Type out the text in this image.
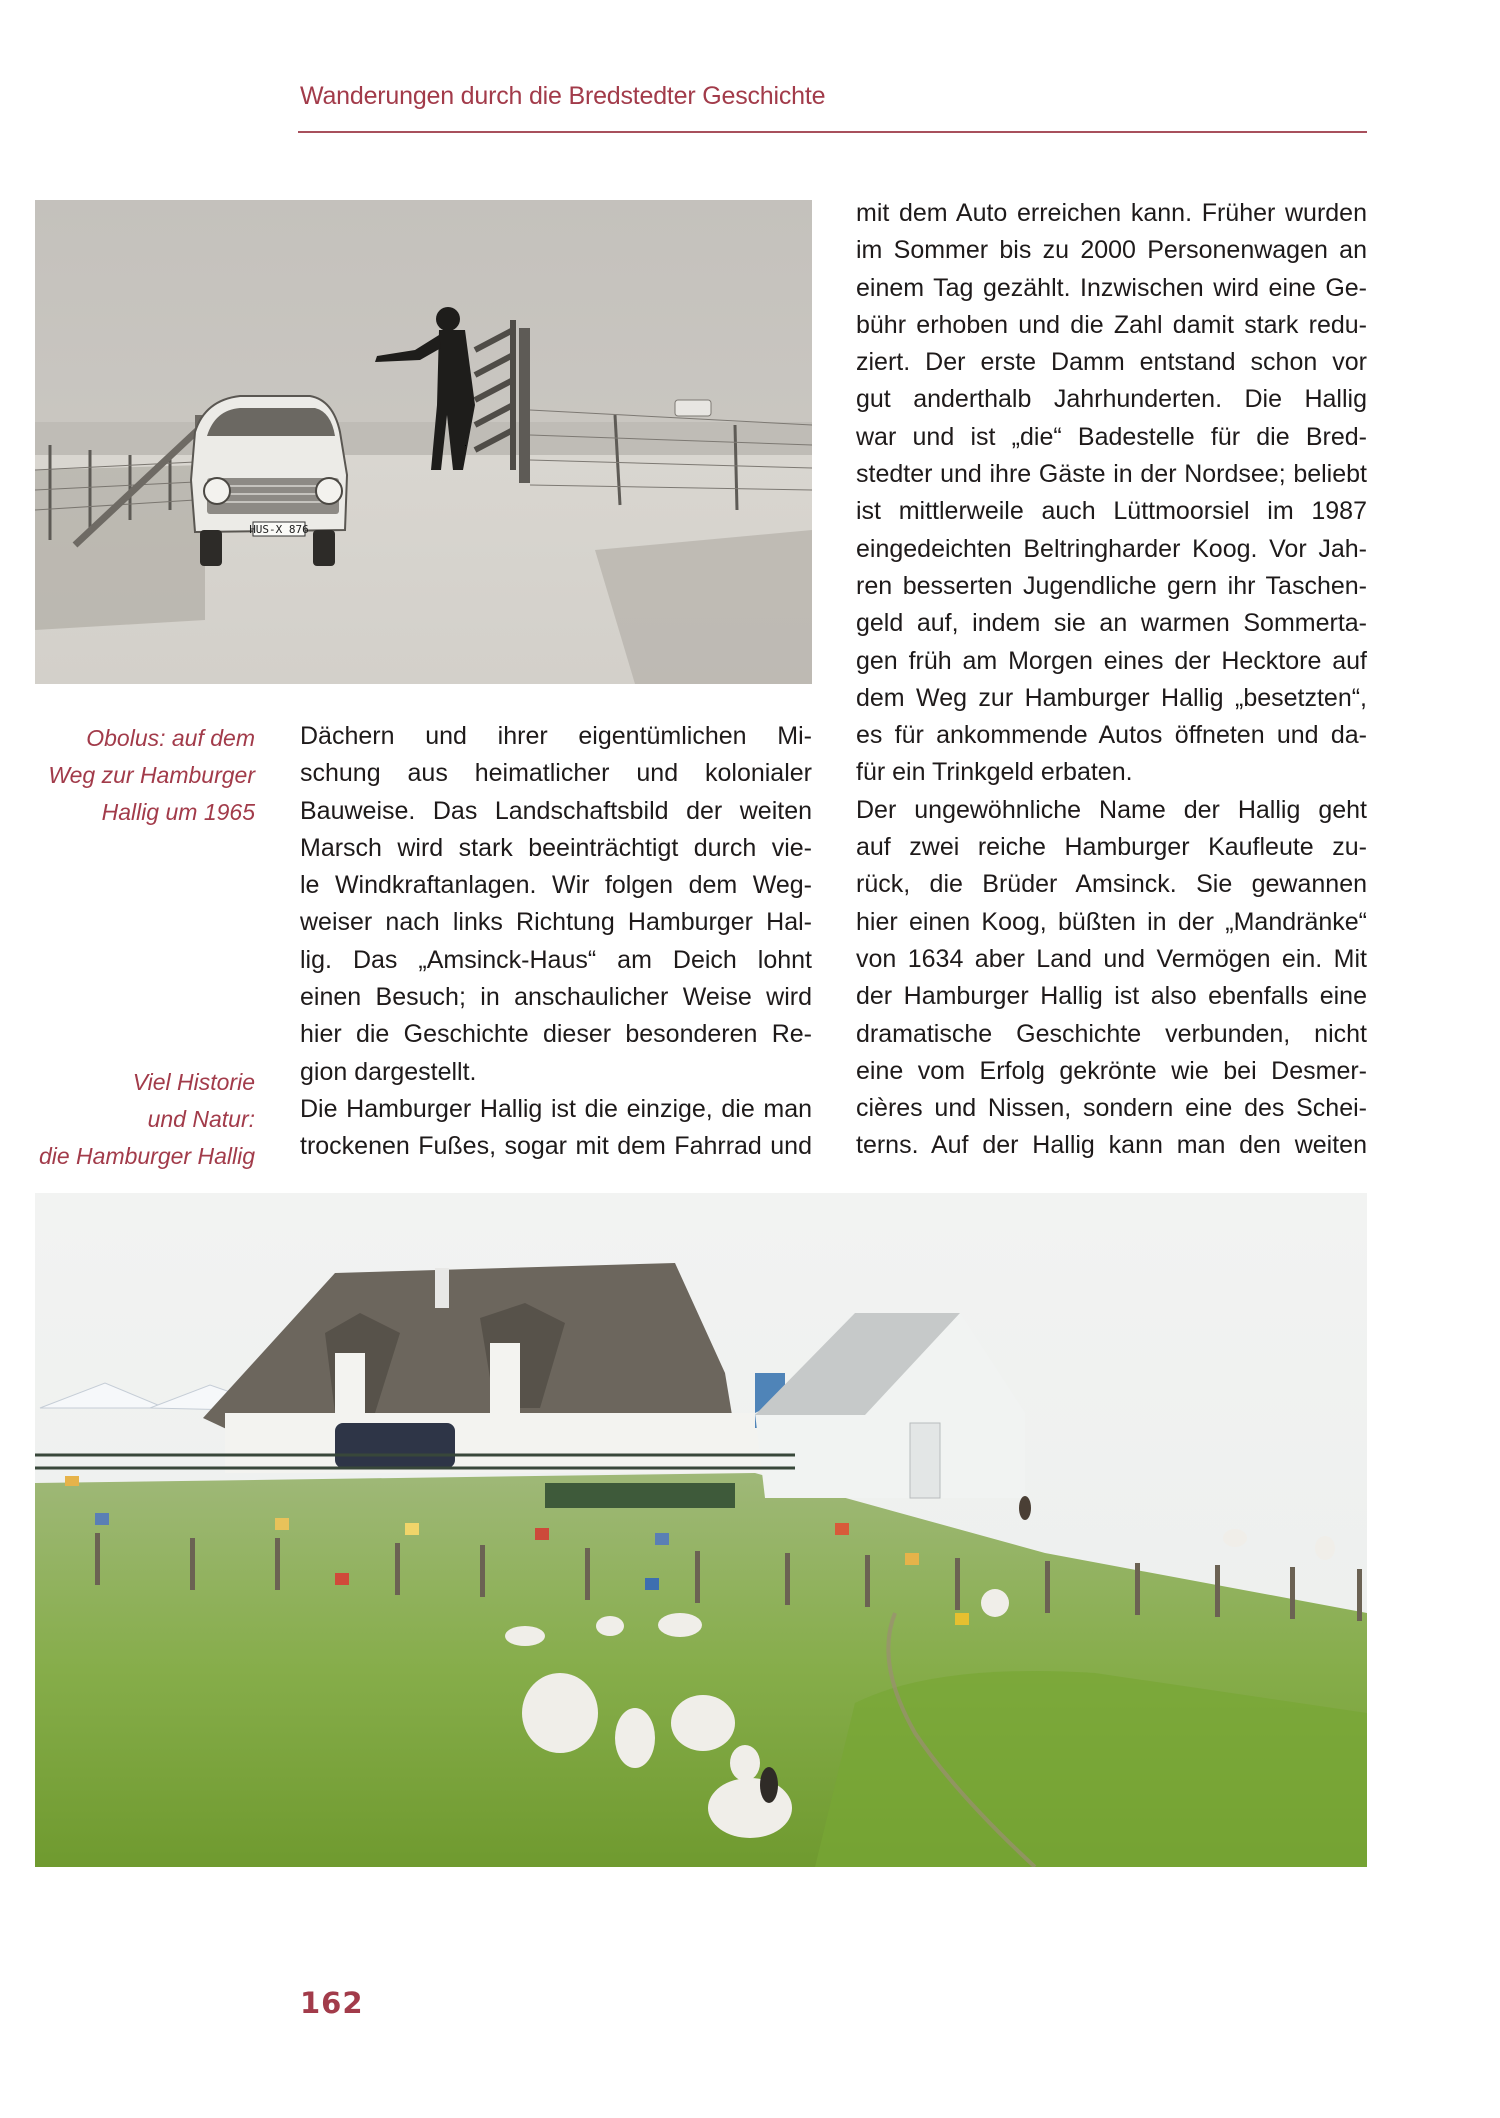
Wanderungen durch die Bredstedter Geschichte
HUS-X 876
Obolus: auf dem
Weg zur Hamburger
Hallig um 1965
Viel Historie
und Natur:
die Hamburger Hallig
Dächern und ihrer eigentümlichen Mi-
schung aus heimatlicher und kolonialer
Bauweise. Das Landschaftsbild der weiten
Marsch wird stark beeinträchtigt durch vie-
le Windkraftanlagen. Wir folgen dem Weg-
weiser nach links Richtung Hamburger Hal-
lig. Das „Amsinck-Haus“ am Deich lohnt
einen Besuch; in anschaulicher Weise wird
hier die Geschichte dieser besonderen Re-
gion dargestellt.
Die Hamburger Hallig ist die einzige, die man
trockenen Fußes, sogar mit dem Fahrrad und
mit dem Auto erreichen kann. Früher wurden
im Sommer bis zu 2000 Personenwagen an
einem Tag gezählt. Inzwischen wird eine Ge-
bühr erhoben und die Zahl damit stark redu-
ziert. Der erste Damm entstand schon vor
gut anderthalb Jahrhunderten. Die Hallig
war und ist „die“ Badestelle für die Bred-
stedter und ihre Gäste in der Nordsee; beliebt
ist mittlerweile auch Lüttmoorsiel im 1987
eingedeichten Beltringharder Koog. Vor Jah-
ren besserten Jugendliche gern ihr Taschen-
geld auf, indem sie an warmen Sommerta-
gen früh am Morgen eines der Hecktore auf
dem Weg zur Hamburger Hallig „besetzten“,
es für ankommende Autos öffneten und da-
für ein Trinkgeld erbaten.
Der ungewöhnliche Name der Hallig geht
auf zwei reiche Hamburger Kaufleute zu-
rück, die Brüder Amsinck. Sie gewannen
hier einen Koog, büßten in der „Mandränke“
von 1634 aber Land und Vermögen ein. Mit
der Hamburger Hallig ist also ebenfalls eine
dramatische Geschichte verbunden, nicht
eine vom Erfolg gekrönte wie bei Desmer-
cières und Nissen, sondern eine des Schei-
terns. Auf der Hallig kann man den weiten
162
